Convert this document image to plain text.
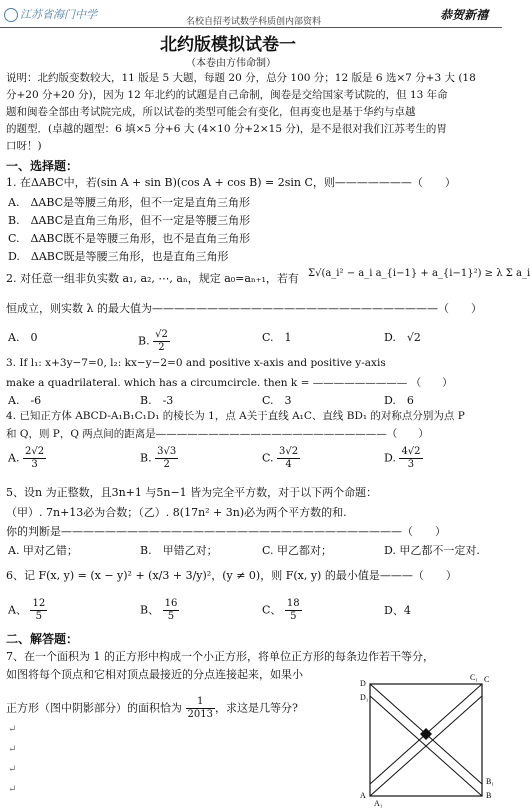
江苏省海门中学	名校自招考试数学科质创内部资料	恭贺新禧
北约版模拟试卷一
（本卷由方伟命制）
说明：北约版变数较大，11 版是 5 大题，每题 20 分，总分 100 分；12 版是 6 选×7 分+3 大 (18
分+20 分+20 分)，因为 12 年北约的试题是自己命制，闽卷是交给国家考试院的，但 13 年命
题和闽卷全部由考试院完成，所以试卷的类型可能会有变化，但再变也是基于华约与卓越
的题型．(卓越的题型：6 填×5 分+6 大 (4×10 分+2×15 分)，是不是很对我们江苏考生的胃
口呀！)
一、选择题：
1. 在ΔABC中，若(sin A + sin B)(cos A + cos B) = 2sin C，则———————（　　）
A.　ΔABC是等腰三角形，但不一定是直角三角形
B.　ΔABC是直角三角形，但不一定是等腰三角形
C.　ΔABC既不是等腰三角形，也不是直角三角形
D.　ΔABC既是等腰三角形，也是直角三角形
2. 对任意一组非负实数 a₁, a₂, ⋯, aₙ，规定 a₀=aₙ₊₁，若有 Σ√(a_i² − a_i a_{i−1} + a_{i−1}²) ≥ λ Σ a_i
恒成立，则实数 λ 的最大值为——————————————————————————（　　）
A.　0	B. $\frac{√2}{2}$	C.　1	D.　√2
3. If l₁: x+3y−7=0, l₂: kx−y−2=0 and positive x-axis and positive y-axis
make a quadrilateral. which has a circumcircle. then k = ————————— （　　）
A.　-6	B.　-3	C.　3	D.　6
4. 已知正方体 ABCD-A₁B₁C₁D₁ 的棱长为 1，点 A关于直线 A₁C、直线 BD₁ 的对称点分别为点 P
和 Q，则 P，Q 两点间的距离是——————————————————————（　　）
A. $\frac{2√2}{3}$	B. $\frac{3√3}{2}$	C. $\frac{3√2}{4}$	D. $\frac{4√2}{3}$
5、设n 为正整数，且3n+1 与5n−1 皆为完全平方数，对于以下两个命题：
（甲）. 7n+13必为合数；（乙）. 8(17n² + 3n)必为两个平方数的和.
你的判断是———————————————————————————————（　　）
A. 甲对乙错；	B.　甲错乙对；	C. 甲乙都对；	D. 甲乙都不一定对.
6、记 F(x, y) = (x − y)² + (x/3 + 3/y)²，(y ≠ 0)，则 F(x, y) 的最小值是———（　　）
A、 $\frac{12}{5}$	B、 $\frac{16}{5}$	C、 $\frac{18}{5}$	D、4
二、解答题：
7、在一个面积为 1 的正方形中构成一个小正方形，将单位正方形的每条边作若干等分，
如图将每个顶点和它相对顶点最接近的分点连接起来，如果小
正方形（图中阴影部分）的面积恰为 $\frac{1}{2013}$ ，求这是几等分?
↵
↵
↵
↵
D	C
C₁
D₁
A
A₁
B
B₁
